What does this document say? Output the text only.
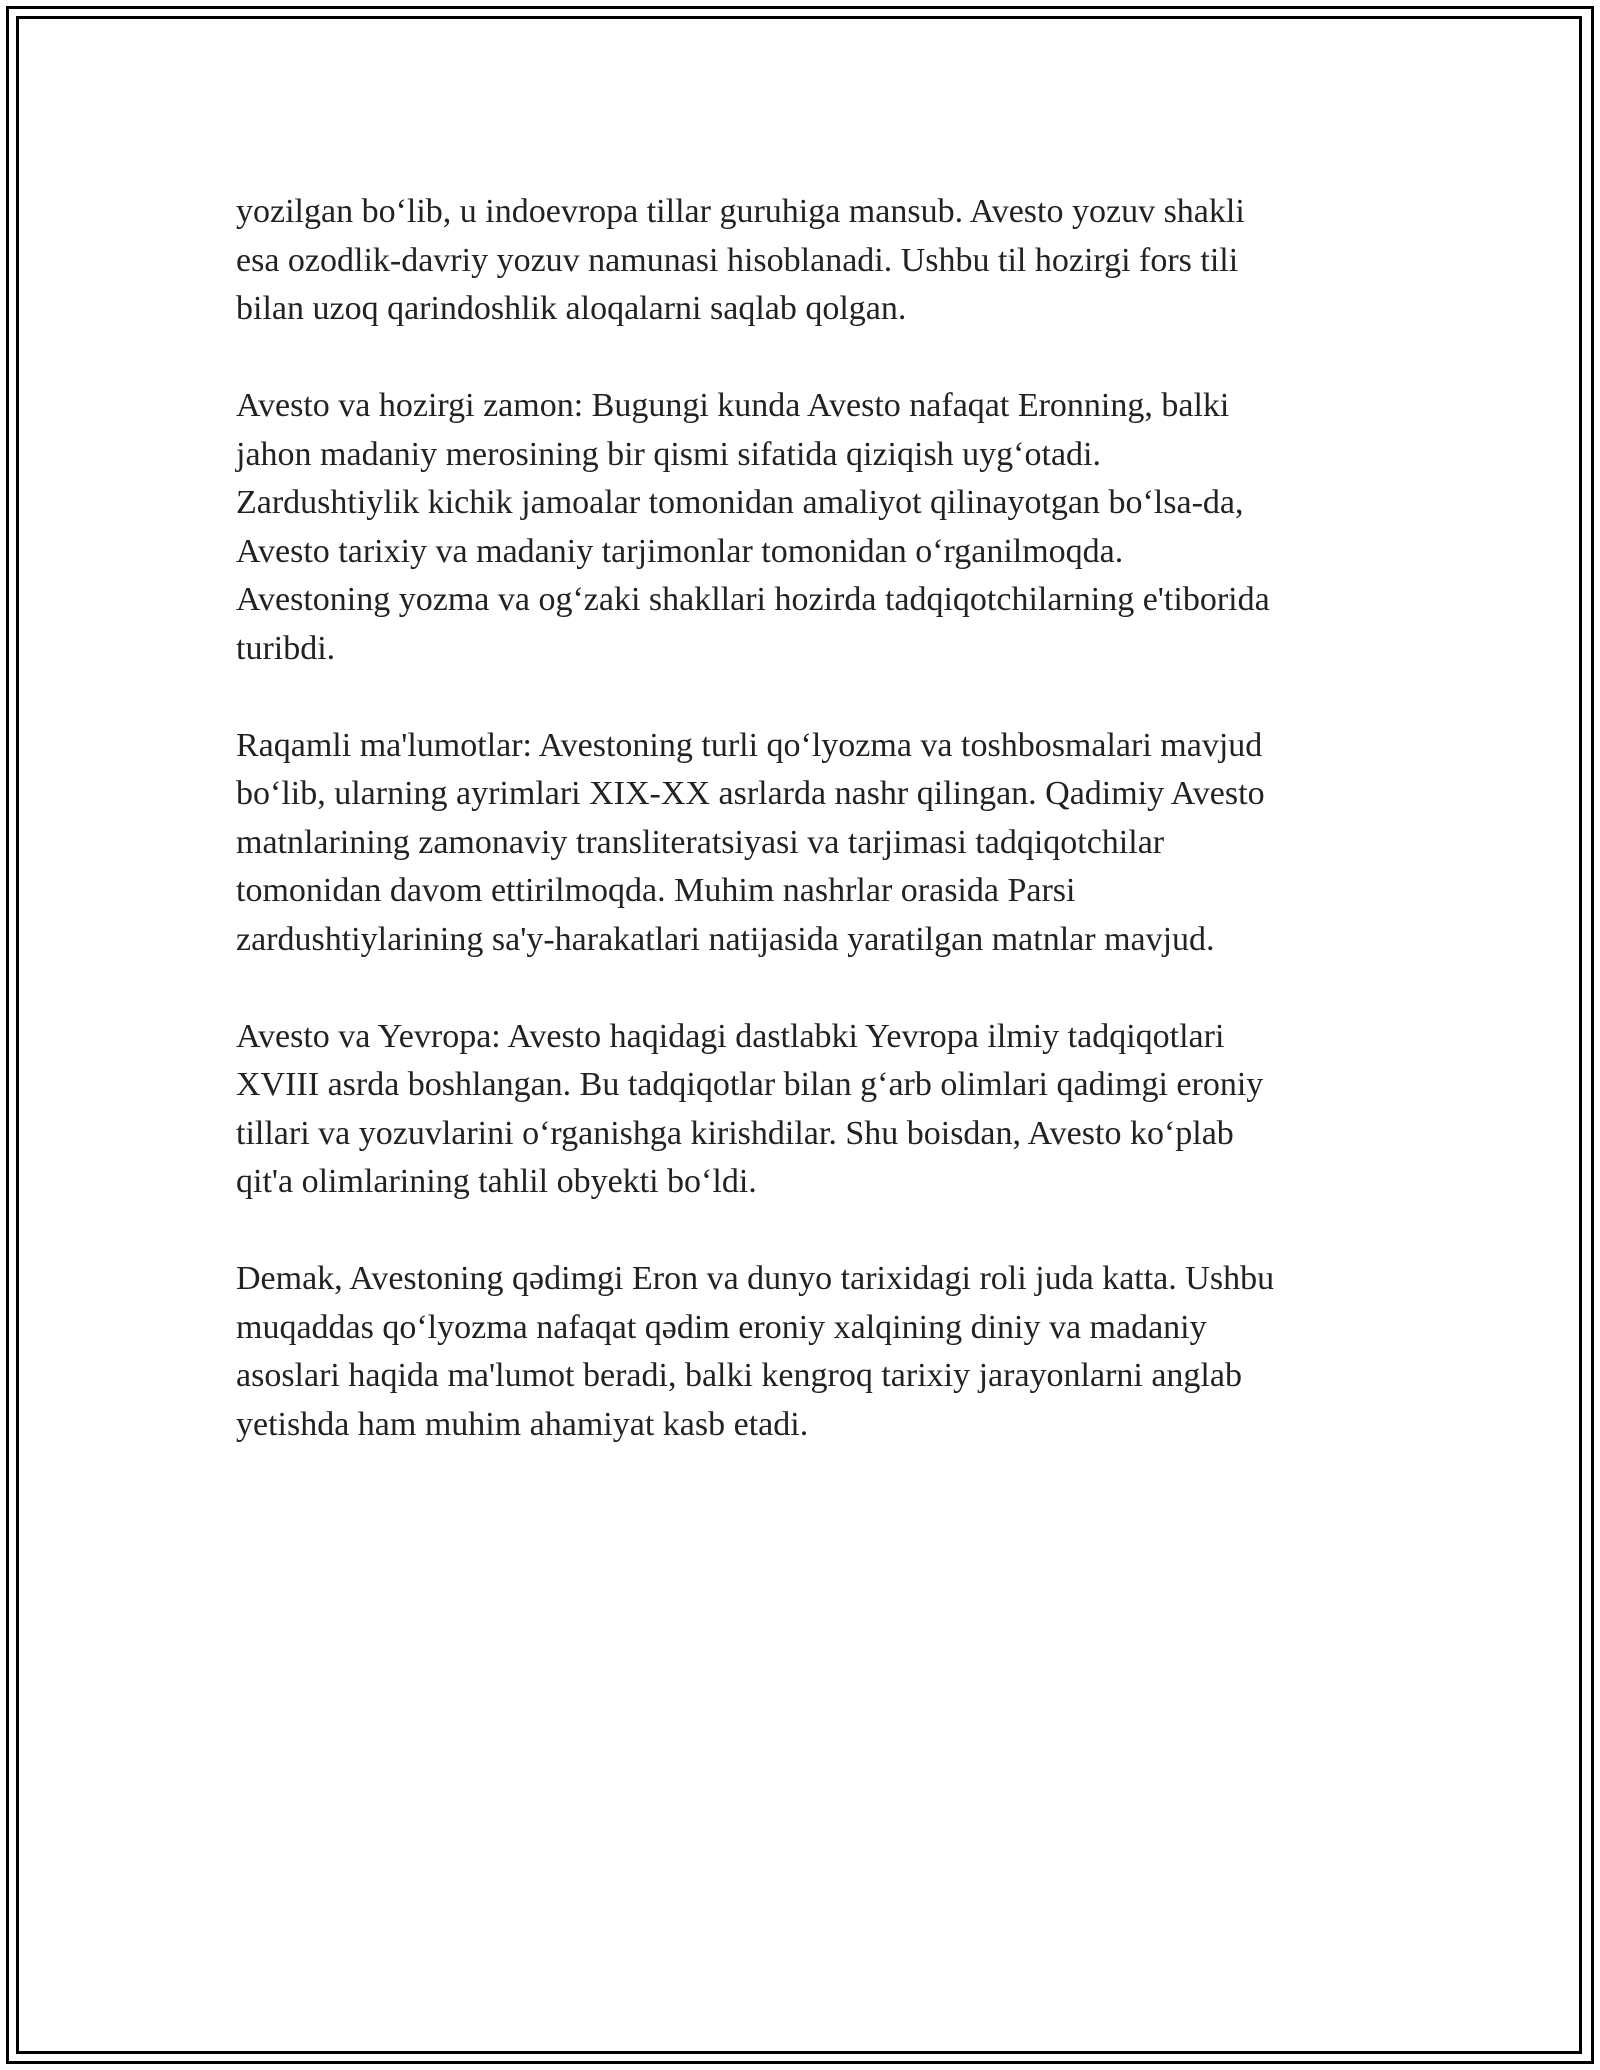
yozilgan bo‘lib, u indoevropa tillar guruhiga mansub. Avesto yozuv shakli
esa ozodlik-davriy yozuv namunasi hisoblanadi. Ushbu til hozirgi fors tili
bilan uzoq qarindoshlik aloqalarni saqlab qolgan.

Avesto va hozirgi zamon: Bugungi kunda Avesto nafaqat Eronning, balki
jahon madaniy merosining bir qismi sifatida qiziqish uyg‘otadi.
Zardushtiylik kichik jamoalar tomonidan amaliyot qilinayotgan bo‘lsa-da,
Avesto tarixiy va madaniy tarjimonlar tomonidan o‘rganilmoqda.
Avestoning yozma va og‘zaki shakllari hozirda tadqiqotchilarning e'tiborida
turibdi.

Raqamli ma'lumotlar: Avestoning turli qo‘lyozma va toshbosmalari mavjud
bo‘lib, ularning ayrimlari XIX-XX asrlarda nashr qilingan. Qadimiy Avesto
matnlarining zamonaviy transliteratsiyasi va tarjimasi tadqiqotchilar
tomonidan davom ettirilmoqda. Muhim nashrlar orasida Parsi
zardushtiylarining sa'y-harakatlari natijasida yaratilgan matnlar mavjud.

Avesto va Yevropa: Avesto haqidagi dastlabki Yevropa ilmiy tadqiqotlari
XVIII asrda boshlangan. Bu tadqiqotlar bilan g‘arb olimlari qadimgi eroniy
tillari va yozuvlarini o‘rganishga kirishdilar. Shu boisdan, Avesto ko‘plab
qit'a olimlarining tahlil obyekti bo‘ldi.

Demak, Avestoning qədimgi Eron va dunyo tarixidagi roli juda katta. Ushbu
muqaddas qo‘lyozma nafaqat qədim eroniy xalqining diniy va madaniy
asoslari haqida ma'lumot beradi, balki kengroq tarixiy jarayonlarni anglab
yetishda ham muhim ahamiyat kasb etadi.
